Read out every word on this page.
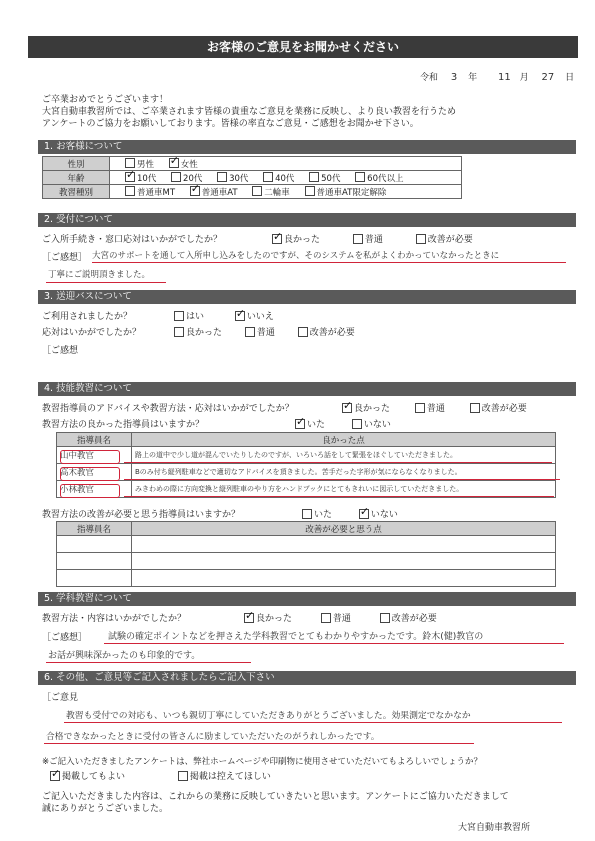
お客様のご意見をお聞かせください
令和 3 年 11 月 27 日
ご卒業おめでとうございます！
大宮自動車教習所では、ご卒業されます皆様の貴重なご意見を業務に反映し、より良い教習を行うため
アンケートのご協力をお願いしております。皆様の率直なご意見・ご感想をお聞かせ下さい。
1. お客様について
性別	男性 ✓ 女性
年齢	✓10代 20代 30代 40代 50代 60代以上
教習種別	普通車MT ✓ 普通車AT 二輪車 普通車AT限定解除
2. 受付について
ご入所手続き・窓口応対はいかがでしたか？ ✓	良かった	普通	改善が必要
［ご感想］ 大宮のサポートを通して入所申し込みをしたのですが、そのシステムを私がよくわかっていなかったときに
丁寧にご説明頂きました。
3. 送迎バスについて
ご利用されましたか？	はい ✓	いいえ
応対はいかがでしたか？	良かった	普通	改善が必要
［ご感想
4. 技能教習について
教習指導員のアドバイスや教習方法・応対はいかがでしたか？ ✓	良かった	普通	改善が必要
教習方法の良かった指導員はいますか？ ✓	いた	いない
指導員名	良かった点
山中教官	路上の道中で少し道が混んでいたりしたのですが、いろいろ話をして緊張をほぐしていただきました。
高木教官	Bのみ付ち縦列駐車などで適切なアドバイスを頂きました。苦手だった字形が気にならなくなりました。
小林教官	みきわめの際に方向変換と縦列駐車のやり方をハンドブックにとてもきれいに図示していただきました。
教習方法の改善が必要と思う指導員はいますか？	いた ✓	いない
指導員名	改善が必要と思う点

5. 学科教習について
教習方法・内容はいかがでしたか？ ✓	良かった	普通	改善が必要
［ご感想］ 試験の確定ポイントなどを押さえた学科教習でとてもわかりやすかったです。鈴木(健)教官の
お話が興味深かったのも印象的です。
6. その他、ご意見等ご記入されましたらご記入下さい
［ご意見
教習も受付での対応も、いつも親切丁寧にしていただきありがとうございました。効果測定でなかなか
合格できなかったときに受付の皆さんに励ましていただいたのがうれしかったです。
※ご記入いただきましたアンケートは、弊社ホームページや印刷物に使用させていただいてもよろしいでしょうか？
✓掲載してもよい	掲載は控えてほしい
ご記入いただきました内容は、これからの業務に反映していきたいと思います。アンケートにご協力いただきまして
誠にありがとうございました。
大宮自動車教習所
